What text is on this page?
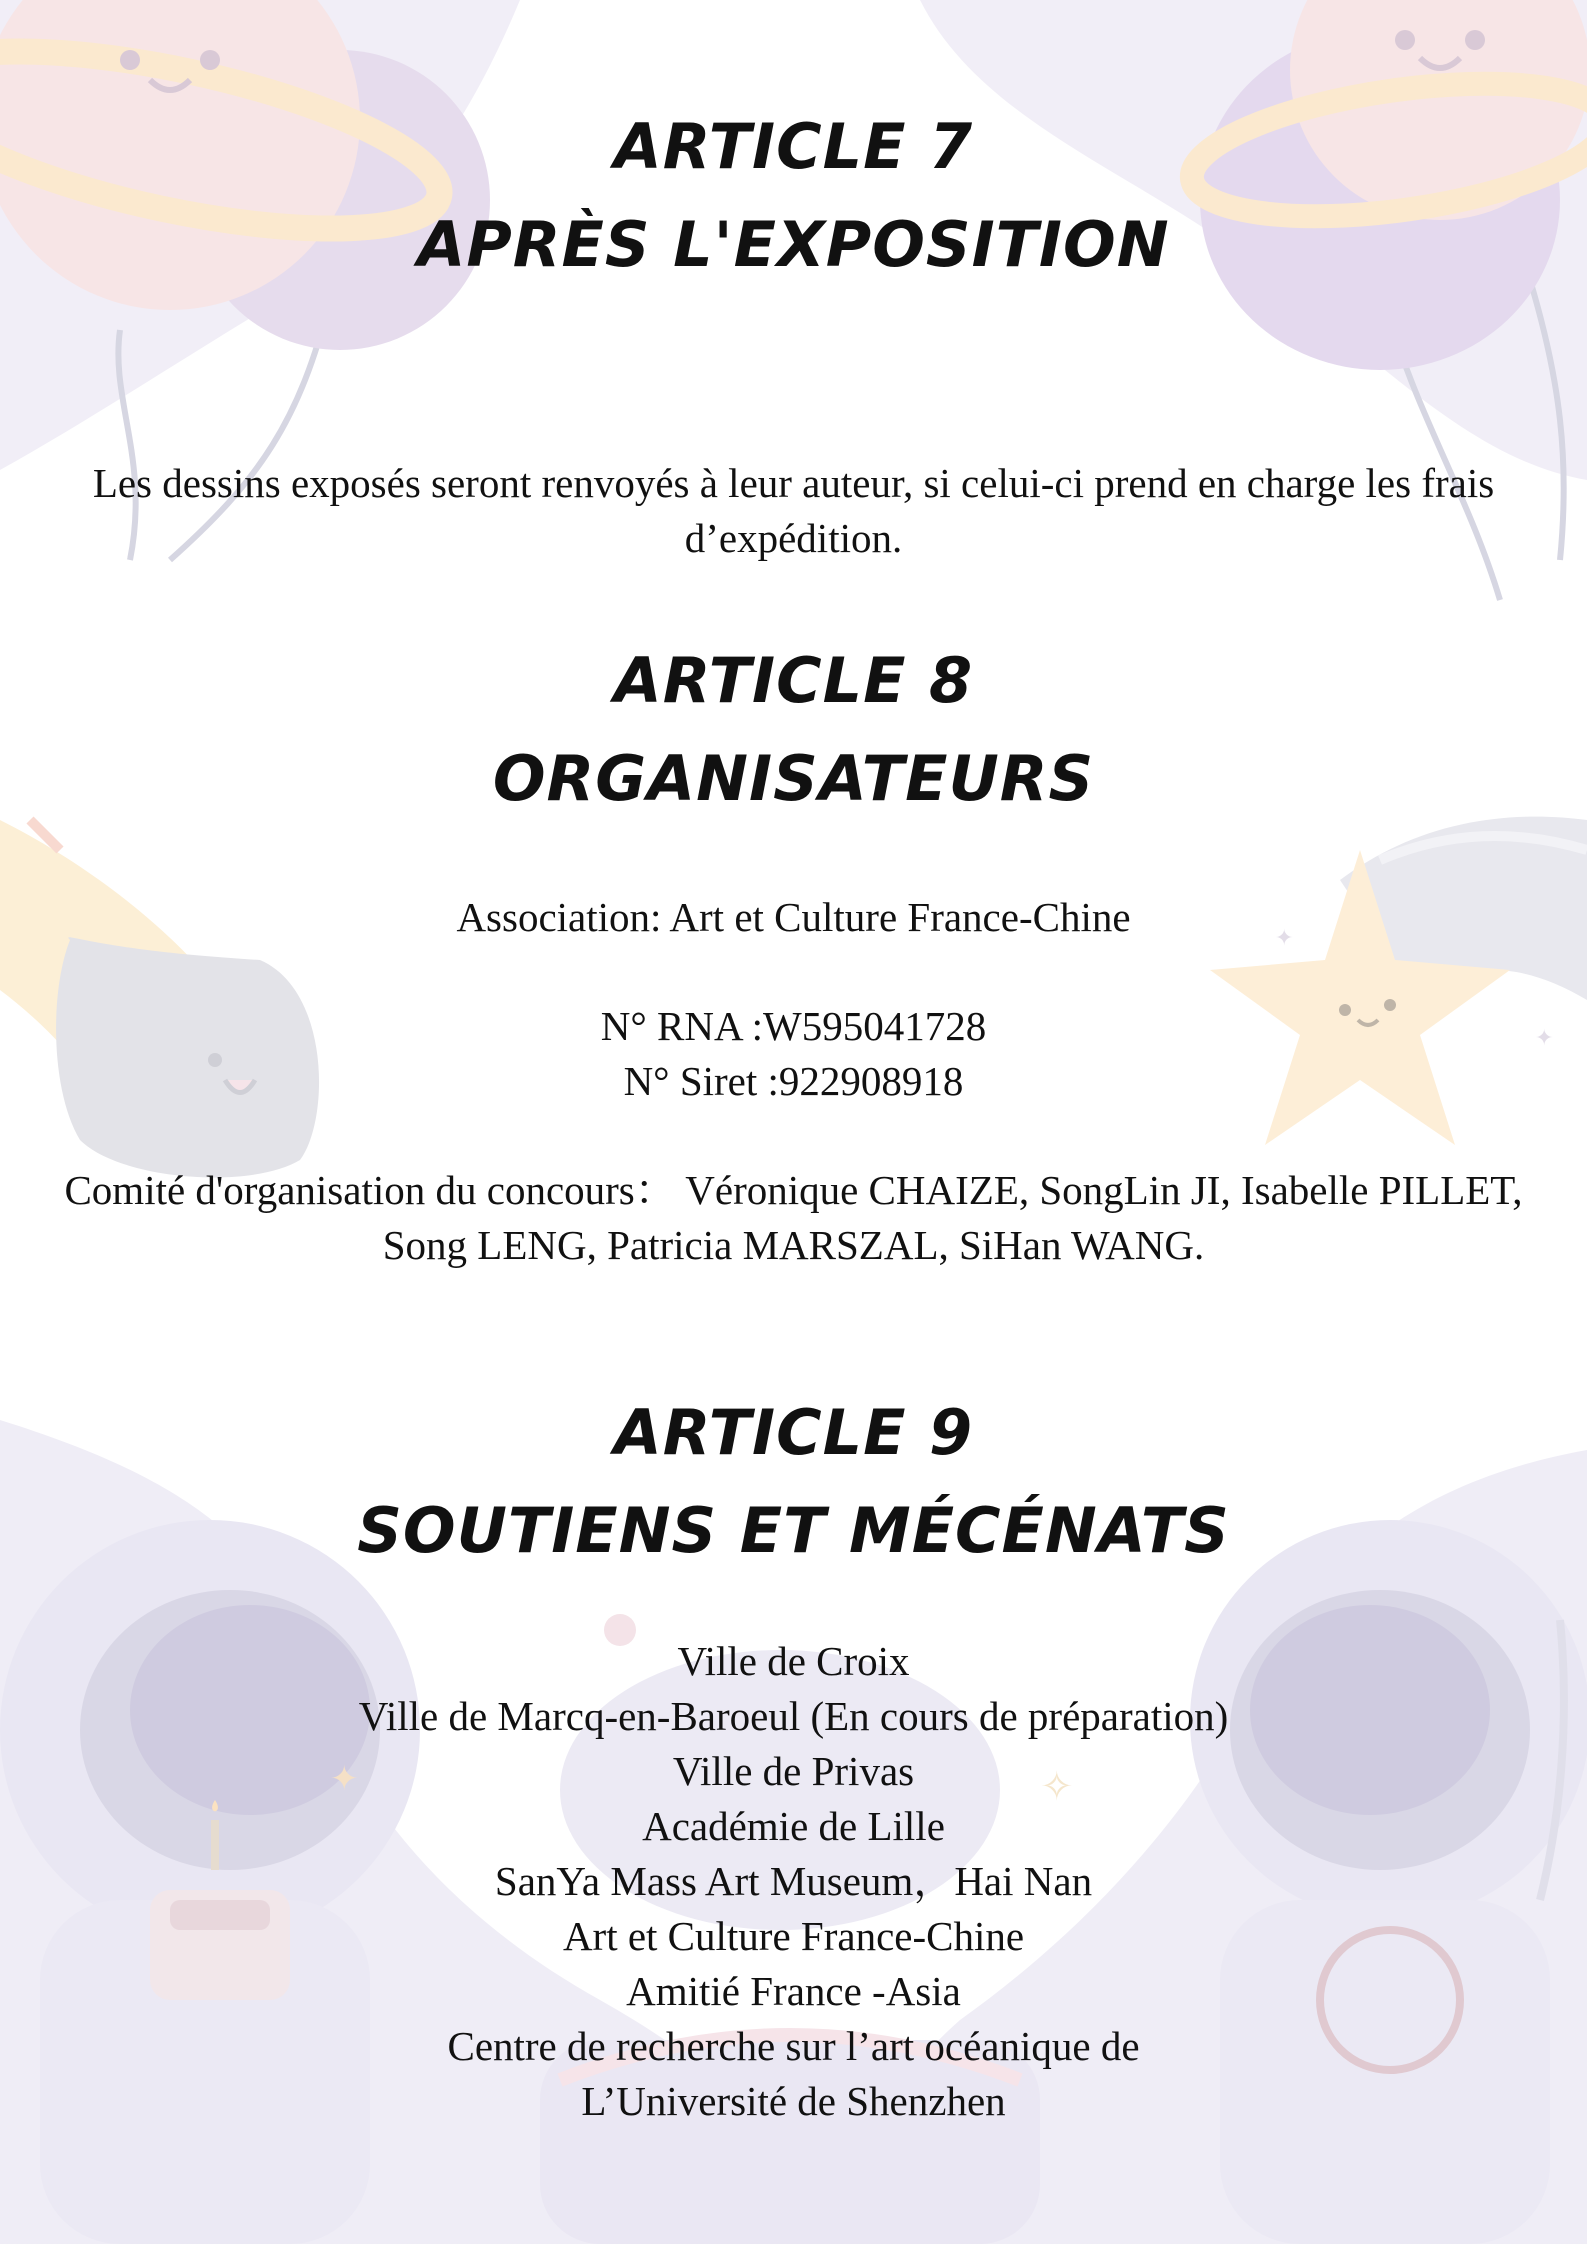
✦
✦
✦	✧
ARTICLE 7
APRÈS L'EXPOSITION

Les dessins exposés seront renvoyés à leur auteur, si celui-ci prend en charge les frais d’expédition.

ARTICLE 8
ORGANISATEURS

Association: Art et Culture France-Chine

N° RNA :W595041728
N° Siret :922908918

Comité d'organisation du concours： Véronique CHAIZE, SongLin JI, Isabelle PILLET, Song LENG, Patricia MARSZAL, SiHan WANG.

ARTICLE 9
SOUTIENS ET MÉCÉNATS
Ville de Croix
Ville de Marcq-en-Baroeul (En cours de préparation)
Ville de Privas
Académie de Lille
SanYa Mass Art Museum，Hai Nan
Art et Culture France-Chine
Amitié France -Asia
Centre de recherche sur l’art océanique de
L’Université de Shenzhen
